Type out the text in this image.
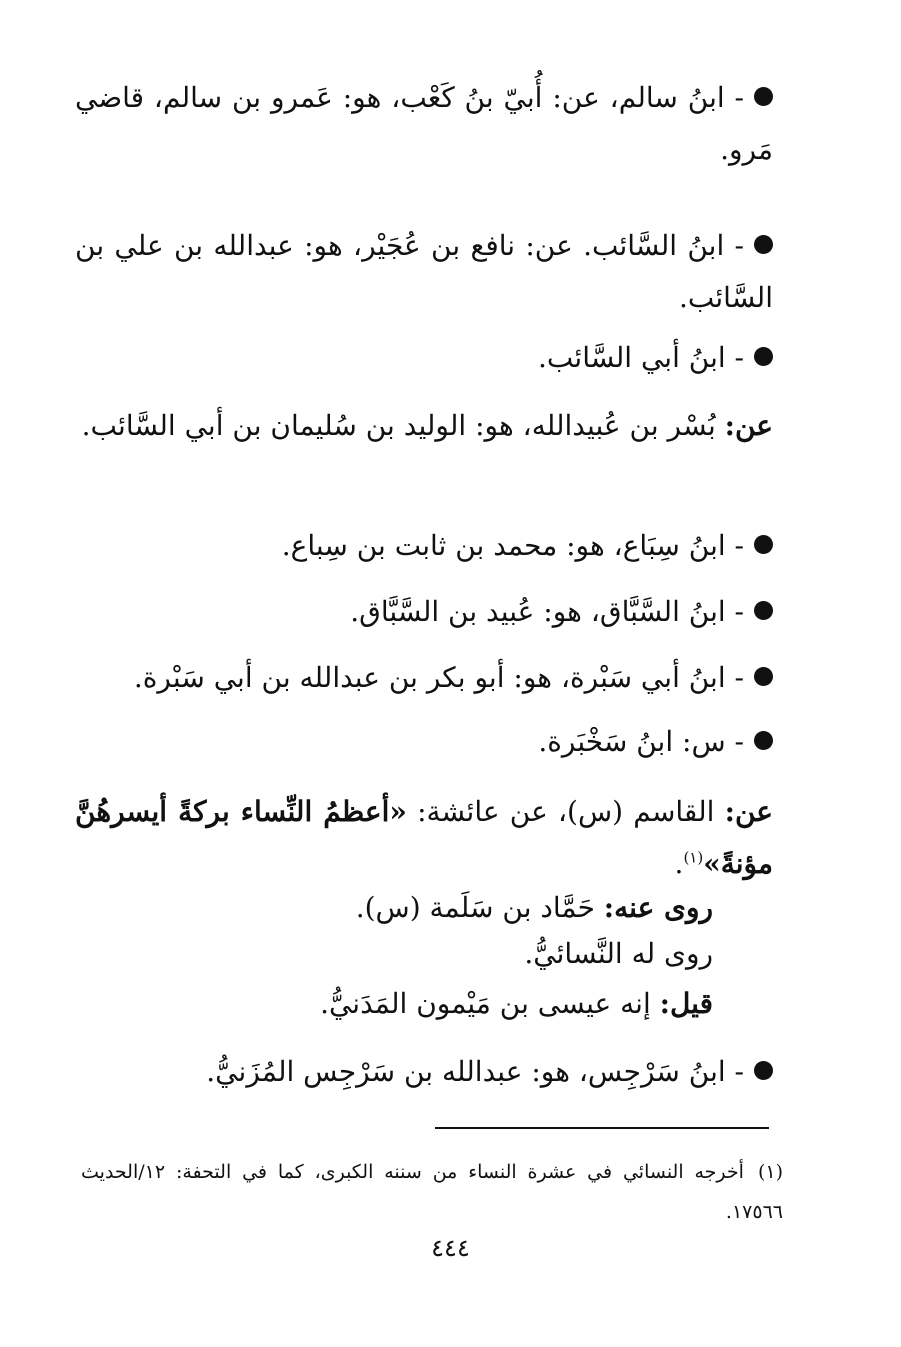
- ابنُ سالم، عن: أُبيّ بنُ كَعْب، هو: عَمرو بن سالم، قاضي مَرو.
- ابنُ السَّائب. عن: نافع بن عُجَيْر، هو: عبدالله بن علي بن السَّائب.
- ابنُ أبي السَّائب.
عن: بُسْر بن عُبيدالله، هو: الوليد بن سُليمان بن أبي السَّائب.
- ابنُ سِبَاع، هو: محمد بن ثابت بن سِباع.
- ابنُ السَّبَّاق، هو: عُبيد بن السَّبَّاق.
- ابنُ أبي سَبْرة، هو: أبو بكر بن عبدالله بن أبي سَبْرة.
- س: ابنُ سَخْبَرة.
عن: القاسم (س)، عن عائشة: «أعظمُ النِّساء بركةً أيسرهُنَّ مؤنةً»$^{(١)}$.
روى عنه: حَمَّاد بن سَلَمة (س).
روى له النَّسائيُّ.
قيل: إنه عيسى بن مَيْمون المَدَنيُّ.
- ابنُ سَرْجِس، هو: عبدالله بن سَرْجِس المُزَنيُّ.
(١)أخرجه النسائي في عشرة النساء من سننه الكبرى، كما في التحفة: ١٢/الحديث ١٧٥٦٦.
٤٤٤
